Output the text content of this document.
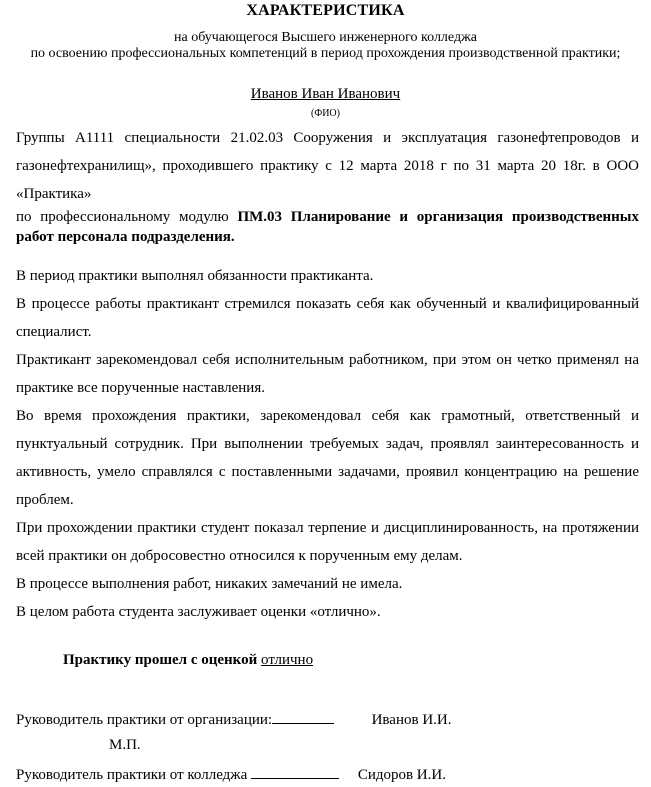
ХАРАКТЕРИСТИКА
на обучающегося Высшего инженерного колледжа
по освоению профессиональных компетенций в период прохождения производственной практики;
Иванов Иван Иванович
(ФИО)
Группы А1111 специальности 21.02.03 Сооружения и эксплуатация газонефтепроводов и газонефтехранилищ», проходившего практику с 12 марта 2018 г по 31 марта 20 18г. в ООО «Практика»
по профессиональному модулю ПМ.03 Планирование и организация производственных работ персонала подразделения.

В период практики выполнял обязанности практиканта.

В процессе работы практикант стремился показать себя как обученный и квалифицированный специалист.

Практикант зарекомендовал себя исполнительным работником, при этом он четко применял на практике все порученные наставления.

Во время прохождения практики, зарекомендовал себя как грамотный, ответственный и пунктуальный сотрудник. При выполнении требуемых задач, проявлял заинтересованность и активность, умело справлялся с поставленными задачами, проявил концентрацию на решение проблем.

При прохождении практики студент показал терпение и дисциплинированность, на протяжении всей практики он добросовестно относился к порученным ему делам.

В процессе выполнения работ, никаких замечаний не имела.

В целом работа студента заслуживает оценки «отлично».

Практику прошел с оценкой отлично
Руководитель практики от организации:	Иванов И.И.
М.П.
Руководитель практики от колледжа	Сидоров И.И.
